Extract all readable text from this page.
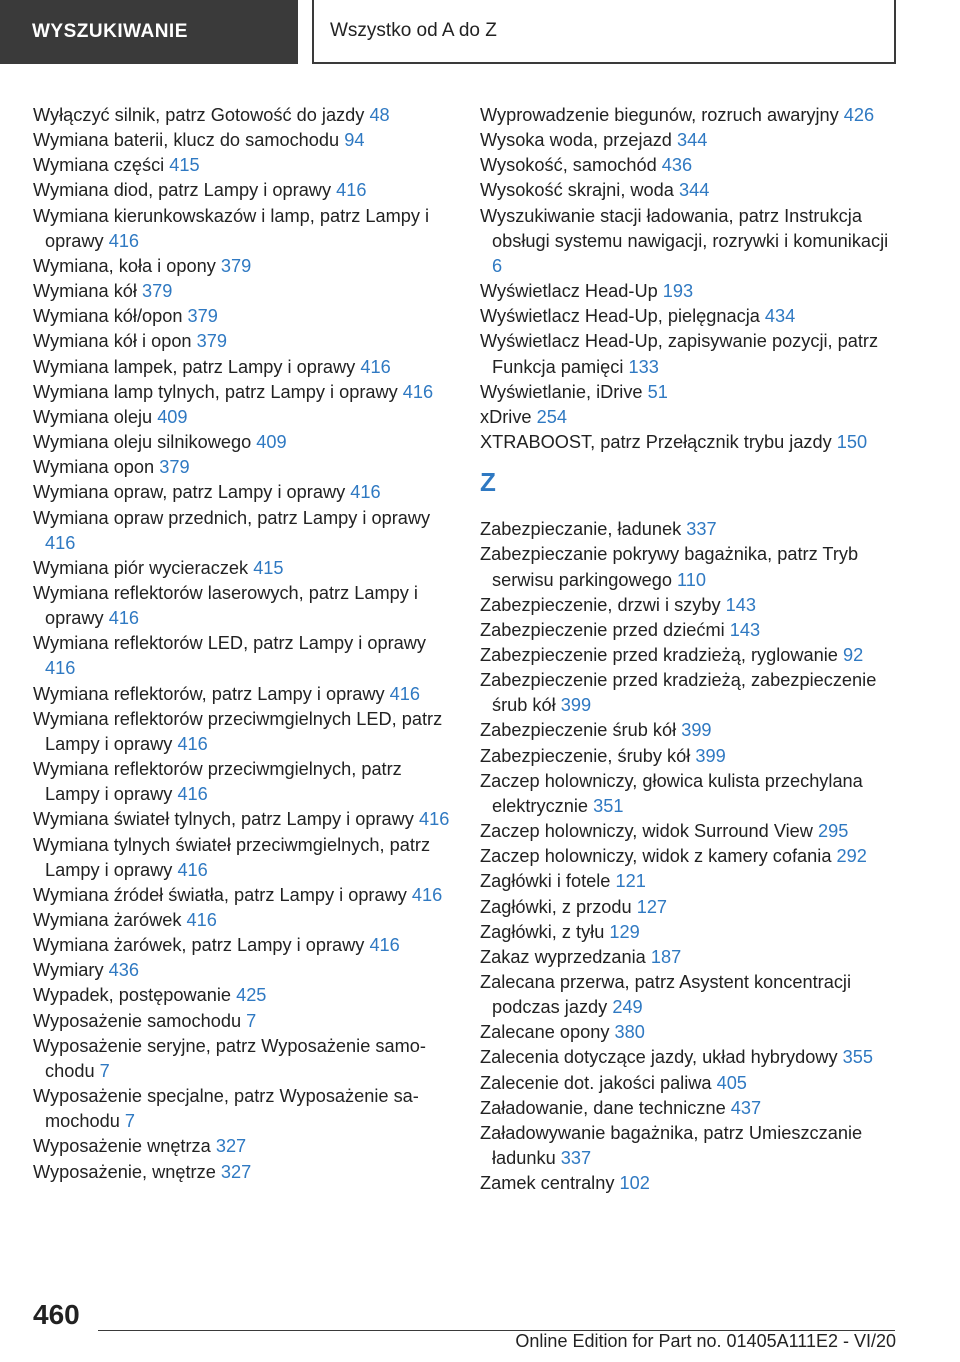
WYSZUKIWANIE	Wszystko od A do Z
Wyłączyć silnik, patrz Gotowość do jazdy 48
Wymiana baterii, klucz do samochodu 94
Wymiana części 415
Wymiana diod, patrz Lampy i oprawy 416
Wymiana kierunkowskazów i lamp, patrz Lampy i oprawy 416
Wymiana, koła i opony 379
Wymiana kół 379
Wymiana kół/opon 379
Wymiana kół i opon 379
Wymiana lampek, patrz Lampy i oprawy 416
Wymiana lamp tylnych, patrz Lampy i oprawy 416
Wymiana oleju 409
Wymiana oleju silnikowego 409
Wymiana opon 379
Wymiana opraw, patrz Lampy i oprawy 416
Wymiana opraw przednich, patrz Lampy i oprawy 416
Wymiana piór wycieraczek 415
Wymiana reflektorów laserowych, patrz Lampy i oprawy 416
Wymiana reflektorów LED, patrz Lampy i oprawy 416
Wymiana reflektorów, patrz Lampy i oprawy 416
Wymiana reflektorów przeciwmgielnych LED, patrz Lampy i oprawy 416
Wymiana reflektorów przeciwmgielnych, patrz Lampy i oprawy 416
Wymiana świateł tylnych, patrz Lampy i oprawy 416
Wymiana tylnych świateł przeciwmgielnych, patrz Lampy i oprawy 416
Wymiana źródeł światła, patrz Lampy i oprawy 416
Wymiana żarówek 416
Wymiana żarówek, patrz Lampy i oprawy 416
Wymiary 436
Wypadek, postępowanie 425
Wyposażenie samochodu 7
Wyposażenie seryjne, patrz Wyposażenie samochodu 7
Wyposażenie specjalne, patrz Wyposażenie samochodu 7
Wyposażenie wnętrza 327
Wyposażenie, wnętrze 327
Wyprowadzenie biegunów, rozruch awaryjny 426
Wysoka woda, przejazd 344
Wysokość, samochód 436
Wysokość skrajni, woda 344
Wyszukiwanie stacji ładowania, patrz Instrukcja obsługi systemu nawigacji, rozrywki i komunikacji 6
Wyświetlacz Head-Up 193
Wyświetlacz Head-Up, pielęgnacja 434
Wyświetlacz Head-Up, zapisywanie pozycji, patrz Funkcja pamięci 133
Wyświetlanie, iDrive 51
xDrive 254
XTRABOOST, patrz Przełącznik trybu jazdy 150
Z
Zabezpieczanie, ładunek 337
Zabezpieczanie pokrywy bagażnika, patrz Tryb serwisu parkingowego 110
Zabezpieczenie, drzwi i szyby 143
Zabezpieczenie przed dziećmi 143
Zabezpieczenie przed kradzieżą, ryglowanie 92
Zabezpieczenie przed kradzieżą, zabezpieczenie śrub kół 399
Zabezpieczenie śrub kół 399
Zabezpieczenie, śruby kół 399
Zaczep holowniczy, głowica kulista przechylana elektrycznie 351
Zaczep holowniczy, widok Surround View 295
Zaczep holowniczy, widok z kamery cofania 292
Zagłówki i fotele 121
Zagłówki, z przodu 127
Zagłówki, z tyłu 129
Zakaz wyprzedzania 187
Zalecana przerwa, patrz Asystent koncentracji podczas jazdy 249
Zalecane opony 380
Zalecenia dotyczące jazdy, układ hybrydowy 355
Zalecenie dot. jakości paliwa 405
Załadowanie, dane techniczne 437
Załadowywanie bagażnika, patrz Umieszczanie ładunku 337
Zamek centralny 102
460
Online Edition for Part no. 01405A111E2 - VI/20
